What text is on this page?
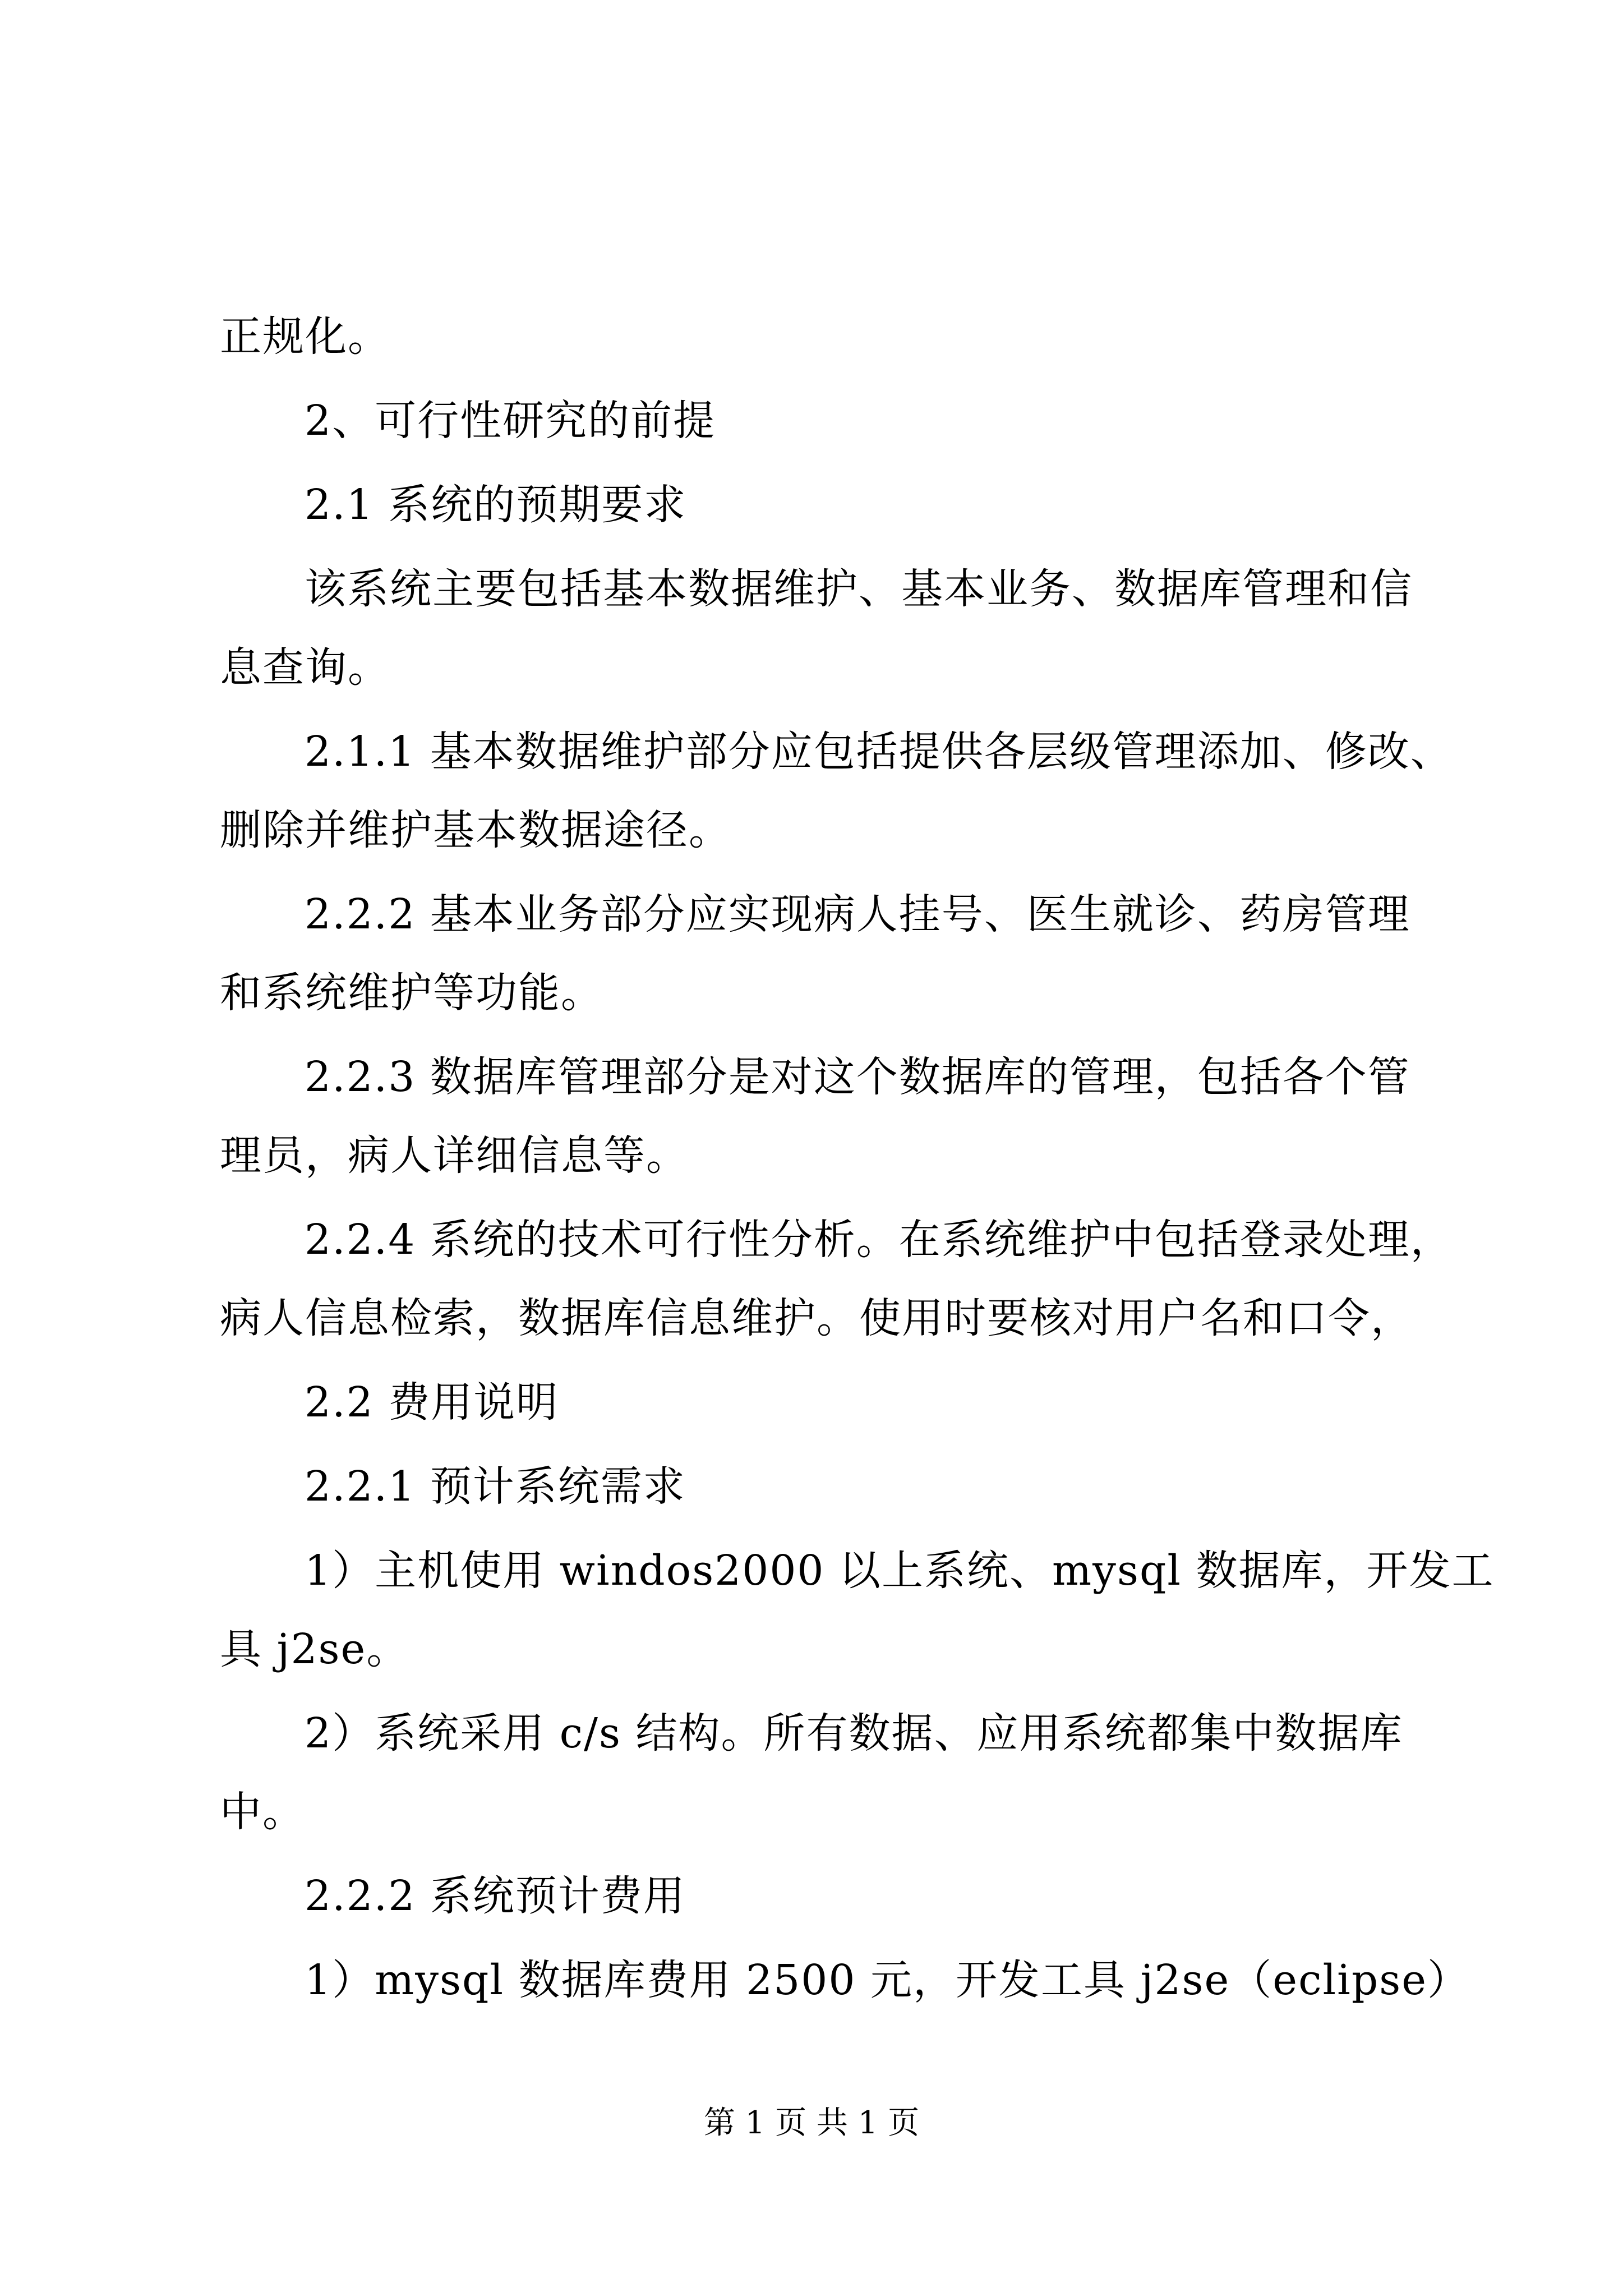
正规化。
2、可行性研究的前提
2.1 系统的预期要求
该系统主要包括基本数据维护、基本业务、数据库管理和信
息查询。
2.1.1 基本数据维护部分应包括提供各层级管理添加、修改、
删除并维护基本数据途径。
2.2.2 基本业务部分应实现病人挂号、医生就诊、药房管理
和系统维护等功能。
2.2.3 数据库管理部分是对这个数据库的管理，包括各个管
理员，病人详细信息等。
2.2.4 系统的技术可行性分析。在系统维护中包括登录处理，
病人信息检索，数据库信息维护。使用时要核对用户名和口令，
2.2 费用说明
2.2.1 预计系统需求
1）主机使用 windos2000 以上系统、mysql 数据库，开发工
具 j2se。
2）系统采用 c/s 结构。所有数据、应用系统都集中数据库
中。
2.2.2 系统预计费用
1）mysql 数据库费用 2500 元，开发工具 j2se（eclipse）
第 1 页 共 1 页
